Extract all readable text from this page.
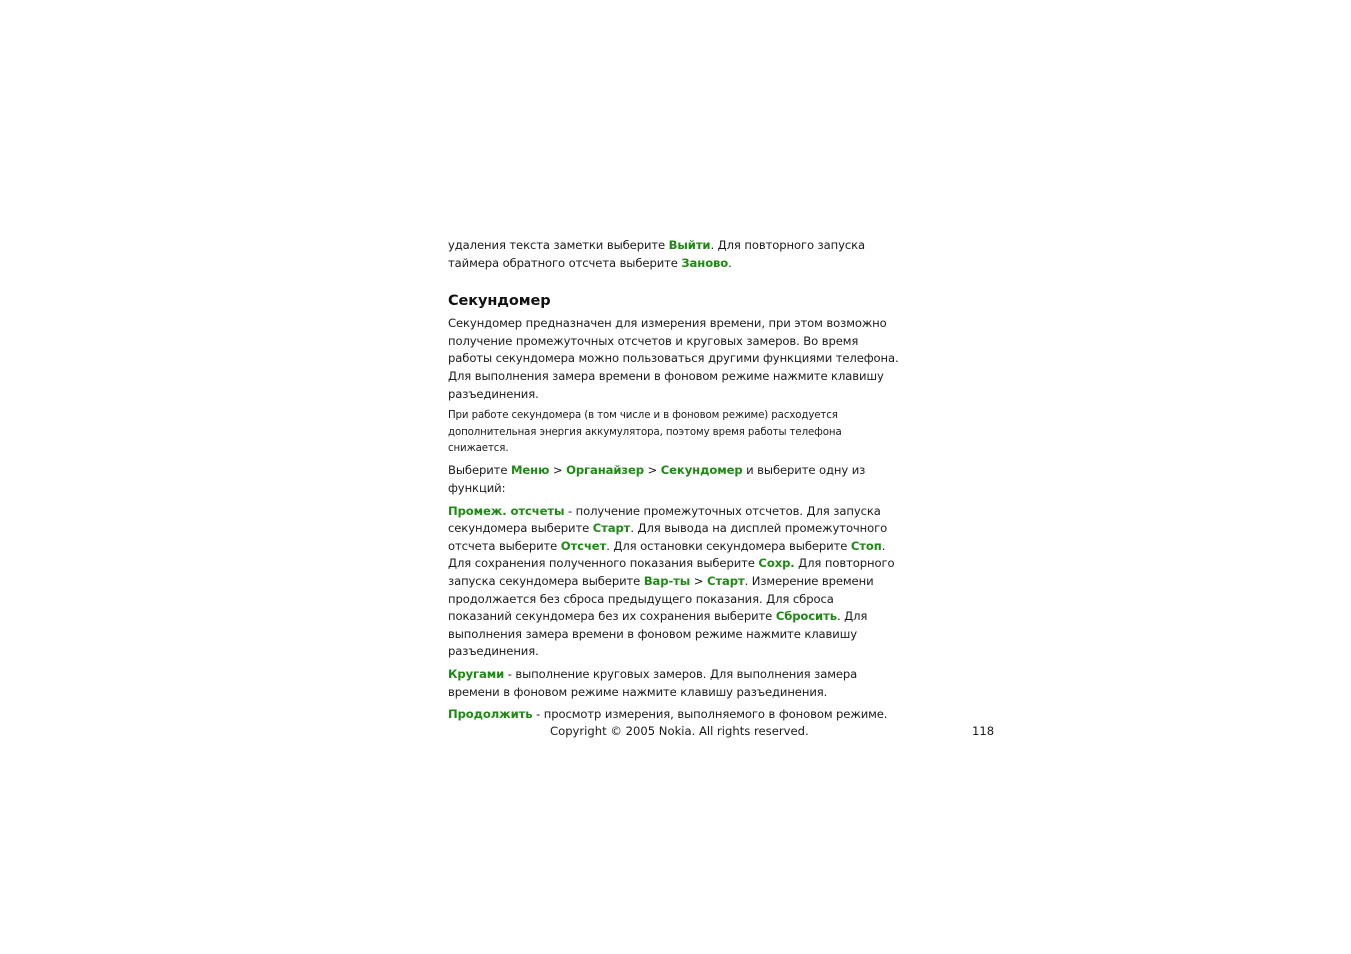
удаления текста заметки выберите Выйти. Для повторного запуска таймера обратного отсчета выберите Заново.

Секундомер

Секундомер предназначен для измерения времени, при этом возможно получение промежуточных отсчетов и круговых замеров. Во время работы секундомера можно пользоваться другими функциями телефона. Для выполнения замера времени в фоновом режиме нажмите клавишу разъединения.

При работе секундомера (в том числе и в фоновом режиме) расходуется дополнительная энергия аккумулятора, поэтому время работы телефона снижается.

Выберите Меню > Органайзер > Секундомер и выберите одну из функций:

Промеж. отсчеты - получение промежуточных отсчетов. Для запуска секундомера выберите Старт. Для вывода на дисплей промежуточного отсчета выберите Отсчет. Для остановки секундомера выберите Стоп. Для сохранения полученного показания выберите Сохр. Для повторного запуска секундомера выберите Вар-ты > Старт. Измерение времени продолжается без сброса предыдущего показания. Для сброса показаний секундомера без их сохранения выберите Сбросить. Для выполнения замера времени в фоновом режиме нажмите клавишу разъединения.

Кругами - выполнение круговых замеров. Для выполнения замера времени в фоновом режиме нажмите клавишу разъединения.

Продолжить - просмотр измерения, выполняемого в фоновом режиме.

Copyright © 2005 Nokia. All rights reserved.	118
